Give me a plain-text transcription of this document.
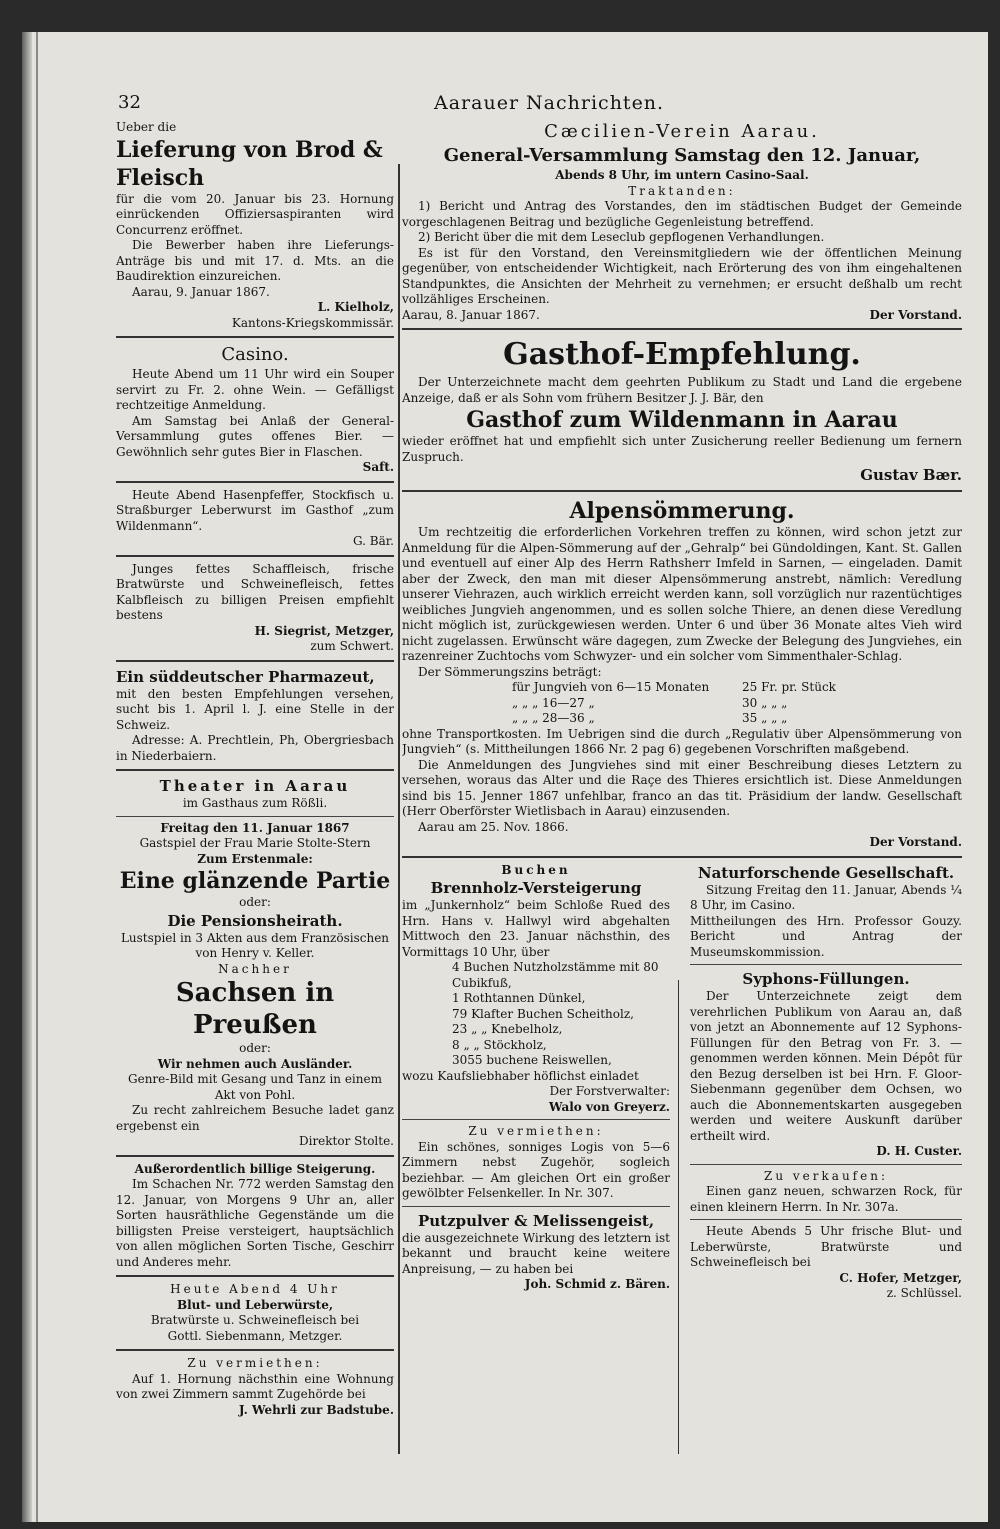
32	Aarauer Nachrichten.

Ueber die

Lieferung von Brod & Fleisch

für die vom 20. Januar bis 23. Hornung einrückenden Offiziersaspiranten wird Concurrenz eröffnet.

Die Bewerber haben ihre Lieferungs-Anträge bis und mit 17. d. Mts. an die Baudirektion einzureichen.

Aarau, 9. Januar 1867.

L. Kielholz,

Kantons-Kriegskommissär.

Casino.

Heute Abend um 11 Uhr wird ein Souper servirt zu Fr. 2. ohne Wein. — Gefälligst rechtzeitige Anmeldung.

Am Samstag bei Anlaß der General-Versammlung gutes offenes Bier. — Gewöhnlich sehr gutes Bier in Flaschen.

Saft.

Heute Abend Hasenpfeffer, Stockfisch u. Straßburger Leberwurst im Gasthof „zum Wildenmann“.

G. Bär.

Junges fettes Schaffleisch, frische Bratwürste und Schweinefleisch, fettes Kalbfleisch zu billigen Preisen empfiehlt bestens

H. Siegrist, Metzger,

zum Schwert.

Ein süddeutscher Pharmazeut,

mit den besten Empfehlungen versehen, sucht bis 1. April l. J. eine Stelle in der Schweiz.

Adresse: A. Prechtlein, Ph, Obergriesbach in Niederbaiern.

Theater in Aarau

im Gasthaus zum Rößli.

Freitag den 11. Januar 1867

Gastspiel der Frau Marie Stolte-Stern

Zum Erstenmale:

Eine glänzende Partie

oder:

Die Pensionsheirath.

Lustspiel in 3 Akten aus dem Französischen von Henry v. Keller.

Nachher

Sachsen in Preußen

oder:

Wir nehmen auch Ausländer.

Genre-Bild mit Gesang und Tanz in einem Akt von Pohl.

Zu recht zahlreichem Besuche ladet ganz ergebenst ein

Direktor Stolte.

Außerordentlich billige Steigerung.

Im Schachen Nr. 772 werden Samstag den 12. Januar, von Morgens 9 Uhr an, aller Sorten hausräthliche Gegenstände um die billigsten Preise versteigert, hauptsächlich von allen möglichen Sorten Tische, Geschirr und Anderes mehr.

Heute Abend 4 Uhr

Blut- und Leberwürste,

Bratwürste u. Schweinefleisch bei

Gottl. Siebenmann, Metzger.

Zu vermiethen:

Auf 1. Hornung nächsthin eine Wohnung von zwei Zimmern sammt Zugehörde bei

J. Wehrli zur Badstube.

Cæcilien-Verein Aarau.

General-Versammlung Samstag den 12. Januar,

Abends 8 Uhr, im untern Casino-Saal.

Traktanden:

1) Bericht und Antrag des Vorstandes, den im städtischen Budget der Gemeinde vorgeschlagenen Beitrag und bezügliche Gegenleistung betreffend.

2) Bericht über die mit dem Leseclub gepflogenen Verhandlungen.

Es ist für den Vorstand, den Vereinsmitgliedern wie der öffentlichen Meinung gegenüber, von entscheidender Wichtigkeit, nach Erörterung des von ihm eingehaltenen Standpunktes, die Ansichten der Mehrheit zu vernehmen; er ersucht deßhalb um recht vollzähliges Erscheinen.

Aarau, 8. Januar 1867.	Der Vorstand.

Gasthof-Empfehlung.

Der Unterzeichnete macht dem geehrten Publikum zu Stadt und Land die ergebene Anzeige, daß er als Sohn vom frühern Besitzer J. J. Bär, den

Gasthof zum Wildenmann in Aarau

wieder eröffnet hat und empfiehlt sich unter Zusicherung reeller Bedienung um fernern Zuspruch.

Gustav Bær.

Alpensömmerung.

Um rechtzeitig die erforderlichen Vorkehren treffen zu können, wird schon jetzt zur Anmeldung für die Alpen-Sömmerung auf der „Gehralp“ bei Gündoldingen, Kant. St. Gallen und eventuell auf einer Alp des Herrn Rathsherr Imfeld in Sarnen, — eingeladen. Damit aber der Zweck, den man mit dieser Alpensömmerung anstrebt, nämlich: Veredlung unserer Viehrazen, auch wirklich erreicht werden kann, soll vorzüglich nur razentüchtiges weibliches Jungvieh angenommen, und es sollen solche Thiere, an denen diese Veredlung nicht möglich ist, zurückgewiesen werden. Unter 6 und über 36 Monate altes Vieh wird nicht zugelassen. Erwünscht wäre dagegen, zum Zwecke der Belegung des Jungviehes, ein razenreiner Zuchtochs vom Schwyzer- und ein solcher vom Simmenthaler-Schlag.

Der Sömmerungszins beträgt:

für Jungvieh von 6—15 Monaten	25 Fr. pr. Stück
„ „ „ 16—27 „	30 „ „ „
„ „ „ 28—36 „	35 „ „ „

ohne Transportkosten. Im Uebrigen sind die durch „Regulativ über Alpensömmerung von Jungvieh“ (s. Mittheilungen 1866 Nr. 2 pag 6) gegebenen Vorschriften maßgebend.

Die Anmeldungen des Jungviehes sind mit einer Beschreibung dieses Letztern zu versehen, woraus das Alter und die Raçe des Thieres ersichtlich ist. Diese Anmeldungen sind bis 15. Jenner 1867 unfehlbar, franco an das tit. Präsidium der landw. Gesellschaft (Herr Oberförster Wietlisbach in Aarau) einzusenden.

Aarau am 25. Nov. 1866.

Der Vorstand.

Buchen

Brennholz-Versteigerung

im „Junkernholz“ beim Schloße Rued des Hrn. Hans v. Hallwyl wird abgehalten Mittwoch den 23. Januar nächsthin, des Vormittags 10 Uhr, über

4 Buchen Nutzholzstämme mit 80 Cubikfuß,

1 Rothtannen Dünkel,

79 Klafter Buchen Scheitholz,

23 „ „ Knebelholz,

8 „ „ Stöckholz,

3055 buchene Reiswellen,

wozu Kaufsliebhaber höflichst einladet

Der Forstverwalter:

Walo von Greyerz.

Zu vermiethen:

Ein schönes, sonniges Logis von 5—6 Zimmern nebst Zugehör, sogleich beziehbar. — Am gleichen Ort ein großer gewölbter Felsenkeller. In Nr. 307.

Putzpulver & Melissengeist,

die ausgezeichnete Wirkung des letztern ist bekannt und braucht keine weitere Anpreisung, — zu haben bei

Joh. Schmid z. Bären.

Naturforschende Gesellschaft.

Sitzung Freitag den 11. Januar, Abends ¼ 8 Uhr, im Casino.

Mittheilungen des Hrn. Professor Gouzy. Bericht und Antrag der Museumskommission.

Syphons-Füllungen.

Der Unterzeichnete zeigt dem verehrlichen Publikum von Aarau an, daß von jetzt an Abonnemente auf 12 Syphons-Füllungen für den Betrag von Fr. 3. — genommen werden können. Mein Dépôt für den Bezug derselben ist bei Hrn. F. Gloor-Siebenmann gegenüber dem Ochsen, wo auch die Abonnementskarten ausgegeben werden und weitere Auskunft darüber ertheilt wird.

D. H. Custer.

Zu verkaufen:

Einen ganz neuen, schwarzen Rock, für einen kleinern Herrn. In Nr. 307a.

Heute Abends 5 Uhr frische Blut- und Leberwürste, Bratwürste und Schweinefleisch bei

C. Hofer, Metzger,

z. Schlüssel.
